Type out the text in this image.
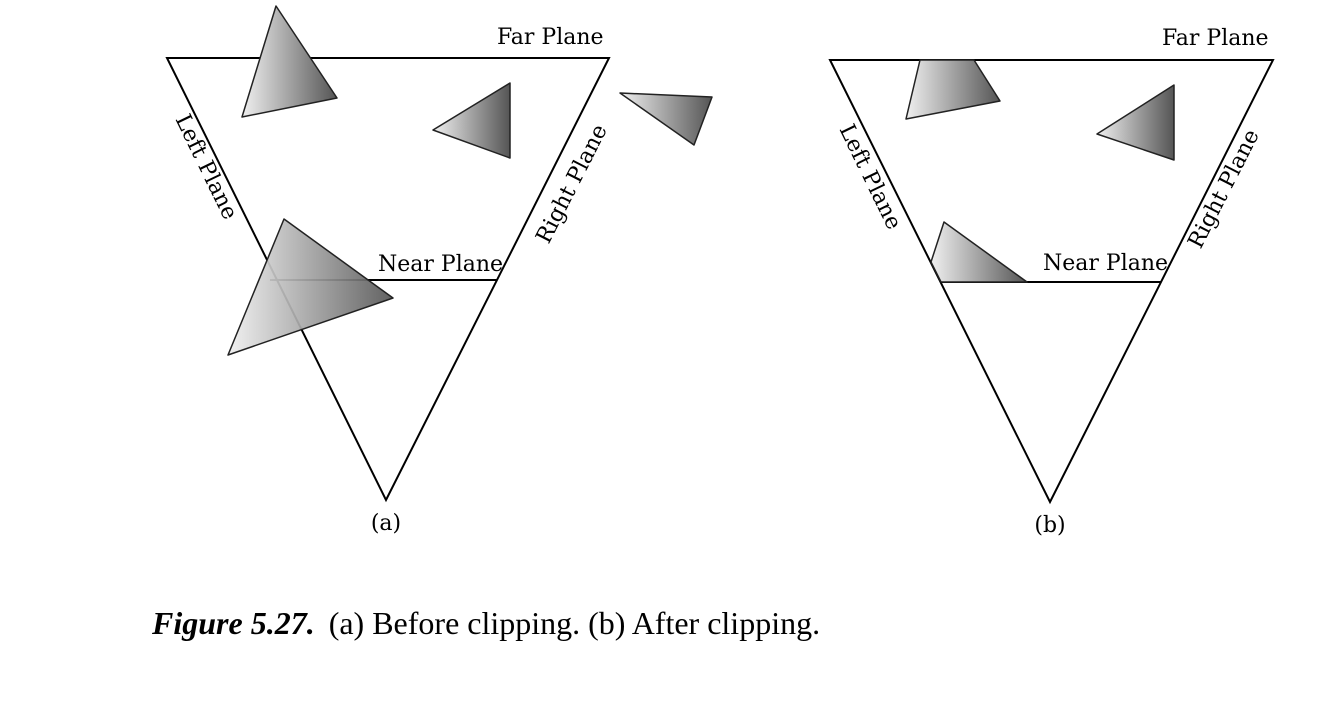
Far Plane
Near Plane
Left Plane	Right Plane
(a)
Far Plane
Near Plane
Left Plane	Right Plane
(b)
Figure 5.27. (a) Before clipping. (b) After clipping.
